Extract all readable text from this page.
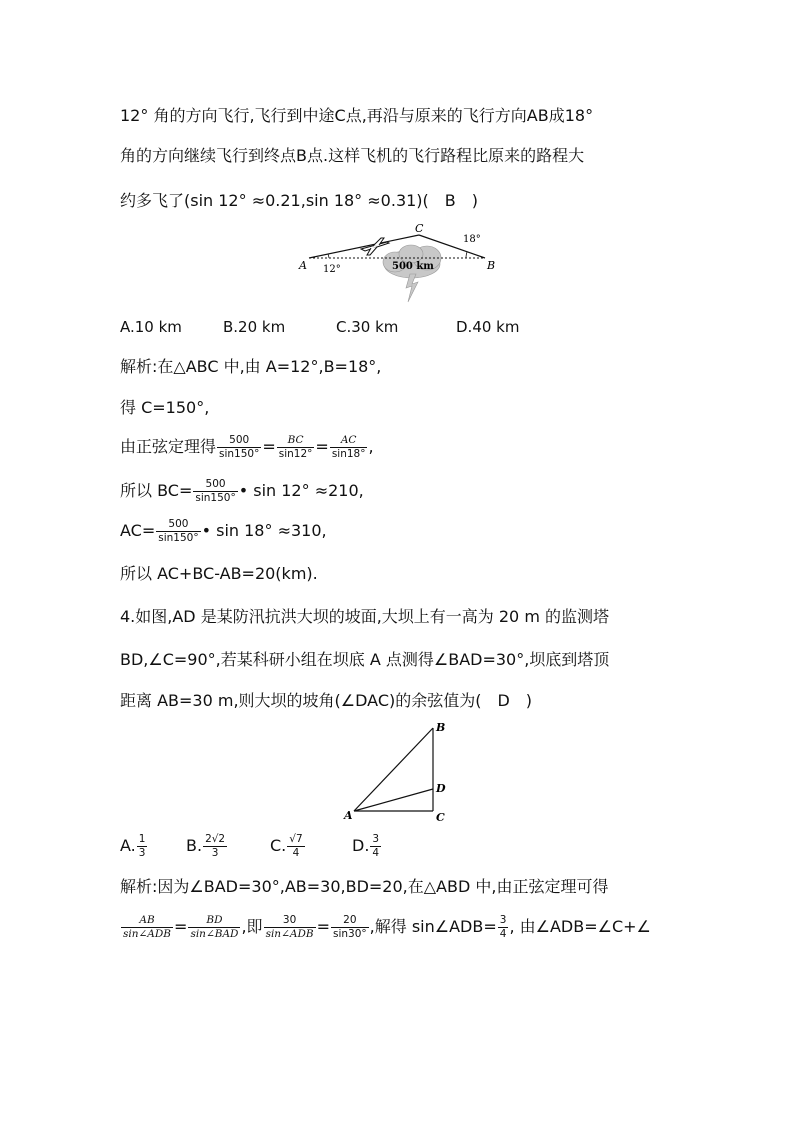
12° 角的方向飞行,飞行到中途C点,再沿与原来的飞行方向AB成18°
角的方向继续飞行到终点B点.这样飞机的飞行路程比原来的路程大
约多飞了(sin 12° ≈0.21,sin 18° ≈0.31)(　B　)
A	B
C
12°
18°
500 km
A.10 km	B.20 km	C.30 km	D.40 km
解析:在△ABC 中,由 A=12°,B=18°,
得 C=150°,
由正弦定理得 $\frac{500}{\sin 150^\circ} = \frac{BC}{\sin 12^\circ} = \frac{AC}{\sin 18^\circ}$ ,
所以 $BC= \frac{500}{\sin 150^\circ}$ • sin 12° ≈210,
$AC= \frac{500}{\sin 150^\circ}$ • sin 18° ≈310,
所以 AC+BC-AB=20(km).
4.如图,AD 是某防汛抗洪大坝的坡面,大坝上有一高为 20 m 的监测塔
BD,∠C=90°,若某科研小组在坝底 A 点测得∠BAD=30°,坝底到塔顶
距离 AB=30 m,则大坝的坡角(∠DAC)的余弦值为(　D　)
B
D
C
A
A. $\frac{1}{3} B$. $\frac{2√2}{3}$	C. $\frac{√7}{4}$	D. $\frac{3}{4}$
解析:因为∠BAD=30°,AB=30,BD=20,在△ABD 中,由正弦定理可得
$\frac{AB}{\text{sin∠ADB}} = \frac{BD}{\text{sin∠BAD}}$ ,即 $\frac{30}{\text{sin∠ADB}} = \frac{20}{\sin 30^\circ}$ ,解得 sin∠ADB= $\frac{3}{4}$ , 由∠ADB=∠C+∠
